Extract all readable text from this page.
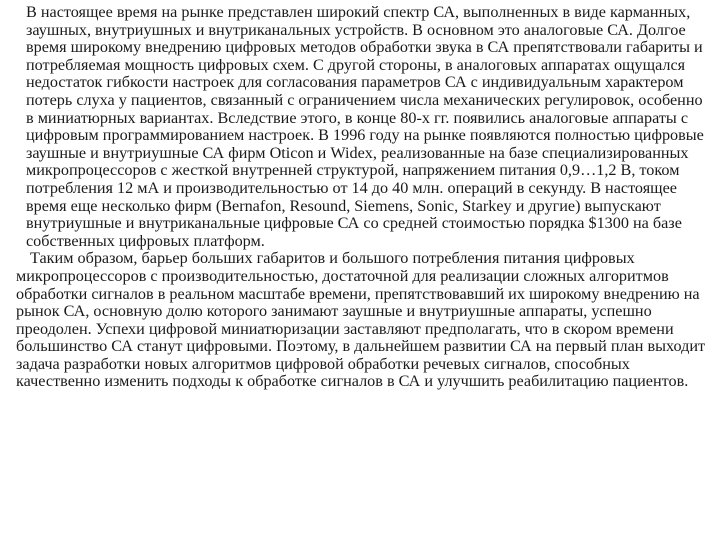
В настоящее время на рынке представлен широкий спектр СА, выполненных в виде карманных, заушных, внутриушных и внутриканальных устройств. В основном это аналоговые СА. Долгое время широкому внедрению цифровых методов обработки звука в СА препятствовали габариты и потребляемая мощность цифровых схем. С другой стороны, в аналоговых аппаратах ощущался недостаток гибкости настроек для согласования параметров СА с индивидуальным характером потерь слуха у пациентов, связанный с ограничением числа механических регулировок, особенно в миниатюрных вариантах. Вследствие этого, в конце 80-х гг. появились аналоговые аппараты с цифровым программированием настроек. В 1996 году на рынке появляются полностью цифровые заушные и внутриушные СА фирм Oticon и Widex, реализованные на базе специализированных микропроцессоров с жесткой внутренней структурой, напряжением питания 0,9…1,2 В, током потребления 12 мА и производительностью от 14 до 40 млн. операций в секунду. В настоящее время еще несколько фирм (Bernafon, Resound, Siemens, Sonic, Starkey и другие) выпускают внутриушные и внутриканальные цифровые СА со средней стоимостью порядка $1300 на базе собственных цифровых платформ.

Таким образом, барьер больших габаритов и большого потребления питания цифровых микропроцессоров с производительностью, достаточной для реализации сложных алгоритмов обработки сигналов в реальном масштабе времени, препятствовавший их широкому внедрению на рынок СА, основную долю которого занимают заушные и внутриушные аппараты, успешно преодолен. Успехи цифровой миниатюризации заставляют предполагать, что в скором времени большинство СА станут цифровыми. Поэтому, в дальнейшем развитии СА на первый план выходит задача разработки новых алгоритмов цифровой обработки речевых сигналов, способных качественно изменить подходы к обработке сигналов в СА и улучшить реабилитацию пациентов.
